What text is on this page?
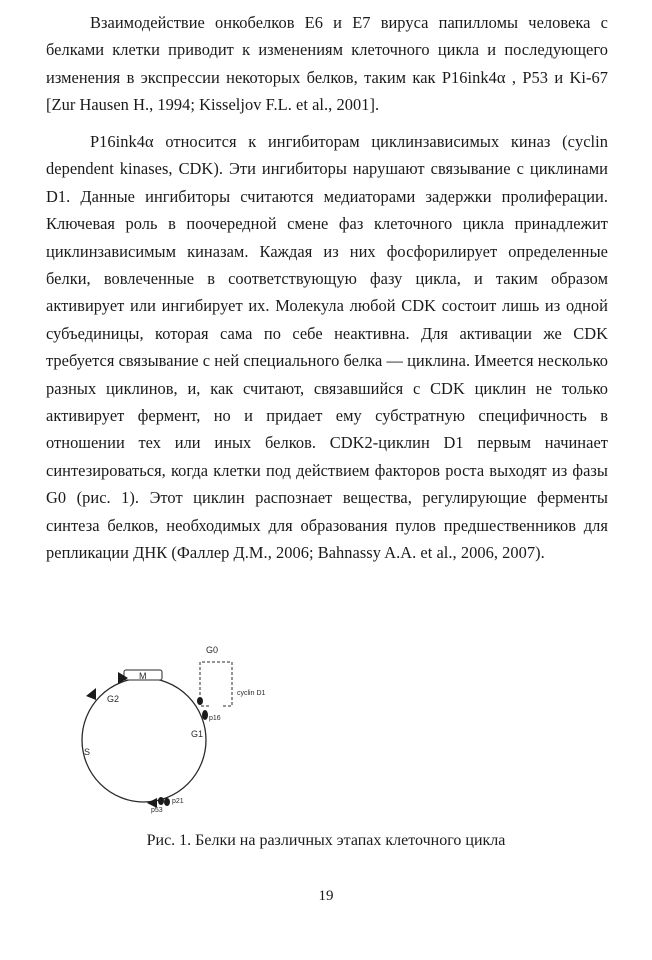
Взаимодействие онкобелков E6 и E7 вируса папилломы человека с белками клетки приводит к изменениям клеточного цикла и последующего изменения в экспрессии некоторых белков, таким как P16ink4α , P53 и Ki-67 [Zur Hausen H., 1994; Kisseljov F.L. et al., 2001].

P16ink4α относится к ингибиторам циклинзависимых киназ (cyclin dependent kinases, CDK). Эти ингибиторы нарушают связывание с циклинами D1. Данные ингибиторы считаются медиаторами задержки пролиферации. Ключевая роль в поочередной смене фаз клеточного цикла принадлежит циклинзависимым киназам. Каждая из них фосфорилирует определенные белки, вовлеченные в соответствующую фазу цикла, и таким образом активирует или ингибирует их. Молекула любой CDK состоит лишь из одной субъединицы, которая сама по себе неактивна. Для активации же CDK требуется связывание с ней специального белка — циклина. Имеется несколько разных циклинов, и, как считают, связавшийся с CDK циклин не только активирует фермент, но и придает ему субстратную специфичность в отношении тех или иных белков. CDK2-циклин D1 первым начинает синтезироваться, когда клетки под действием факторов роста выходят из фазы G0 (рис. 1). Этот циклин распознает вещества, регулирующие ферменты синтеза белков, необходимых для образования пулов предшественников для репликации ДНК (Фаллер Д.М., 2006; Bahnassy A.A. et al., 2006, 2007).

G0
M
G2
cyclin D1
p16
G1
S
p21
p53
Рис. 1. Белки на различных этапах клеточного цикла
19
